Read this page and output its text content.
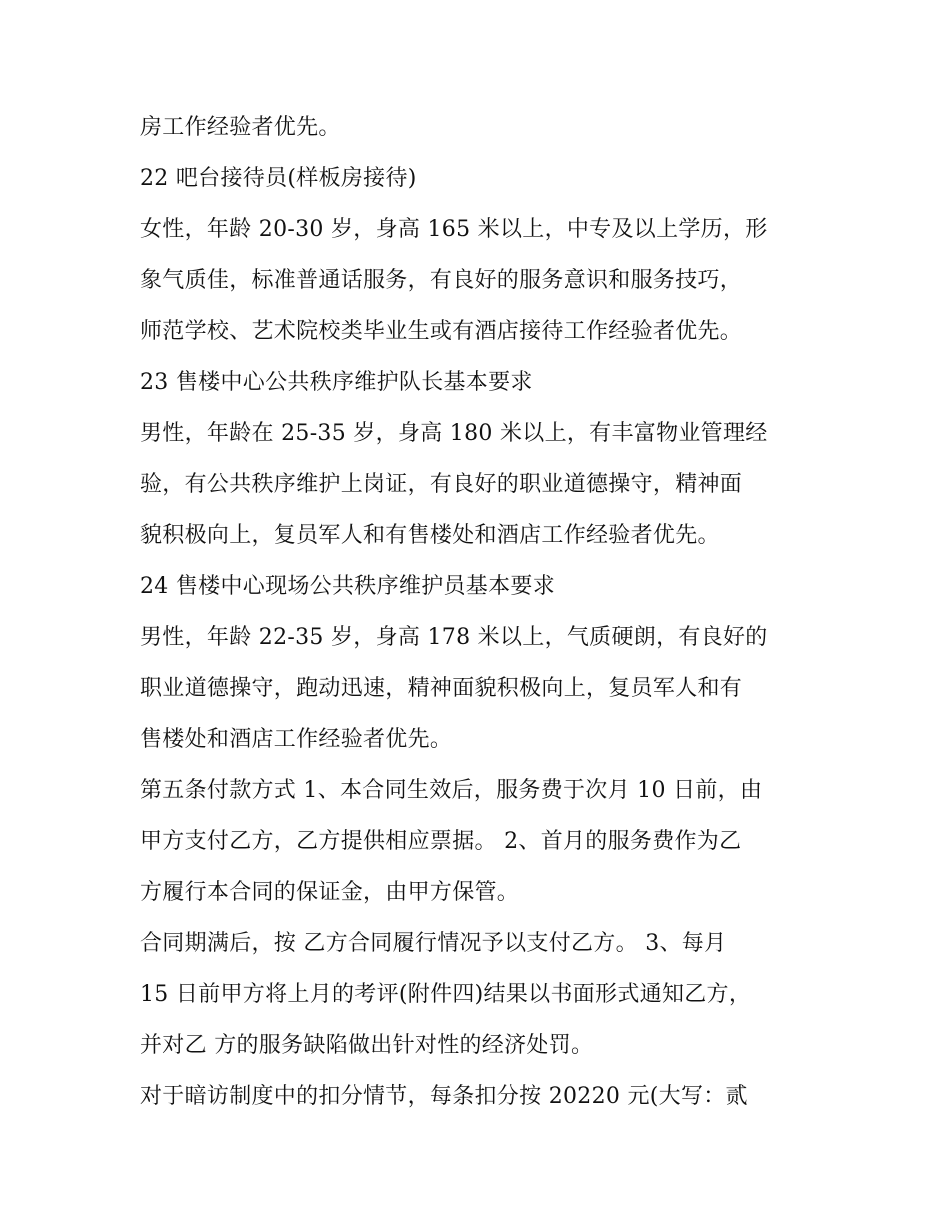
房工作经验者优先。

22 吧台接待员(样板房接待)

女性，年龄 20-30 岁，身高 165 米以上，中专及以上学历，形

象气质佳，标准普通话服务，有良好的服务意识和服务技巧，

师范学校、艺术院校类毕业生或有酒店接待工作经验者优先。

23 售楼中心公共秩序维护队长基本要求

男性，年龄在 25-35 岁，身高 180 米以上，有丰富物业管理经

验，有公共秩序维护上岗证，有良好的职业道德操守，精神面

貌积极向上，复员军人和有售楼处和酒店工作经验者优先。

24 售楼中心现场公共秩序维护员基本要求

男性，年龄 22-35 岁，身高 178 米以上，气质硬朗，有良好的

职业道德操守，跑动迅速，精神面貌积极向上，复员军人和有

售楼处和酒店工作经验者优先。

第五条付款方式 1、本合同生效后，服务费于次月 10 日前，由

甲方支付乙方，乙方提供相应票据。 2、首月的服务费作为乙

方履行本合同的保证金，由甲方保管。

合同期满后，按 乙方合同履行情况予以支付乙方。 3、每月

15 日前甲方将上月的考评(附件四)结果以书面形式通知乙方，

并对乙 方的服务缺陷做出针对性的经济处罚。

对于暗访制度中的扣分情节，每条扣分按 20220 元(大写：贰
